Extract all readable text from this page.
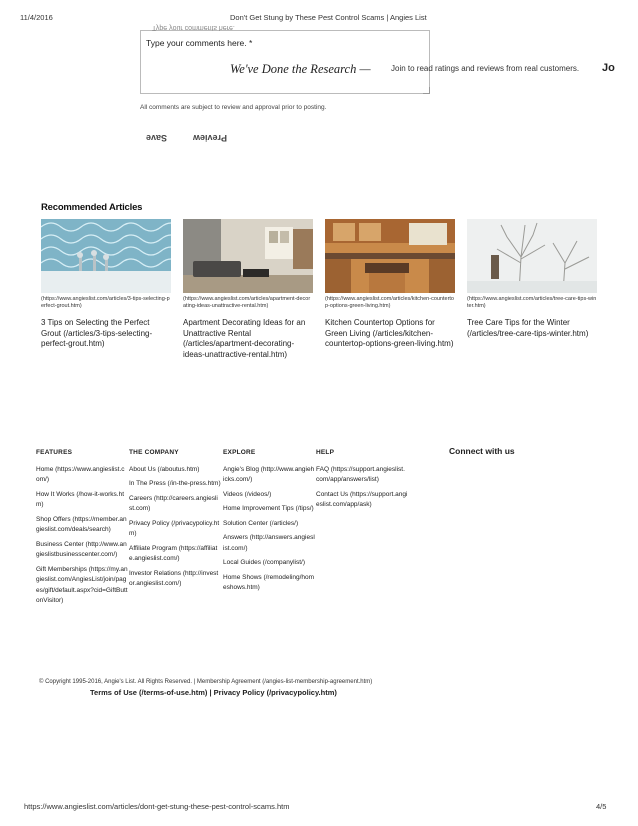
11/4/2016	Don't Get Stung by These Pest Control Scams | Angies List
Type your comments here.
Type your comments here. *
We've Done the Research —	Join to read ratings and reviews from real customers. Jo
All comments are subject to review and approval prior to posting.
Save	Preview
Recommended Articles
(https://www.angieslist.com/articles/3-tips-selecting-perfect-grout.htm)
3 Tips on Selecting the Perfect Grout (/articles/3-tips-selecting-perfect-grout.htm)
(https://www.angieslist.com/articles/apartment-decorating-ideas-unattractive-rental.htm)
Apartment Decorating Ideas for an Unattractive Rental (/articles/apartment-decorating-ideas-unattractive-rental.htm)
(https://www.angieslist.com/articles/kitchen-countertop-options-green-living.htm)
Kitchen Countertop Options for Green Living (/articles/kitchen-countertop-options-green-living.htm)
(https://www.angieslist.com/articles/tree-care-tips-winter.htm)
Tree Care Tips for the Winter (/articles/tree-care-tips-winter.htm)
FEATURES
Home (https://www.angieslist.com/)
How It Works (/how-it-works.htm)
Shop Offers (https://member.angieslist.com/deals/search)
Business Center (http://www.angieslistbusinesscenter.com/)
Gift Memberships (https://my.angieslist.com/AngiesList/join/pages/gift/default.aspx?cid=GiftButtonVisitor)
THE COMPANY
About Us (/aboutus.htm)
In The Press (/in-the-press.htm)
Careers (http://careers.angieslist.com)
Privacy Policy (/privacypolicy.htm)
Affiliate Program (https://affiliate.angieslist.com/)
Investor Relations (http://investor.angieslist.com/)
EXPLORE
Angie's Blog (http://www.angieh icks.com/)
Videos (/videos/)
Home Improvement Tips (/tips/)
Solution Center (/articles/)
Answers (http://answers.angieslist.com/)
Local Guides (/companylist/)
Home Shows (/remodeling/homeshows.htm)
HELP
FAQ (https://support.angieslist.com/app/answers/list)
Contact Us (https://support.angieslist.com/app/ask)
Connect with us
© Copyright 1995-2016, Angie's List. All Rights Reserved. | Membership Agreement (/angies-list-membership-agreement.htm)
Terms of Use (/terms-of-use.htm) | Privacy Policy (/privacypolicy.htm)
https://www.angieslist.com/articles/dont-get-stung-these-pest-control-scams.htm	4/5
